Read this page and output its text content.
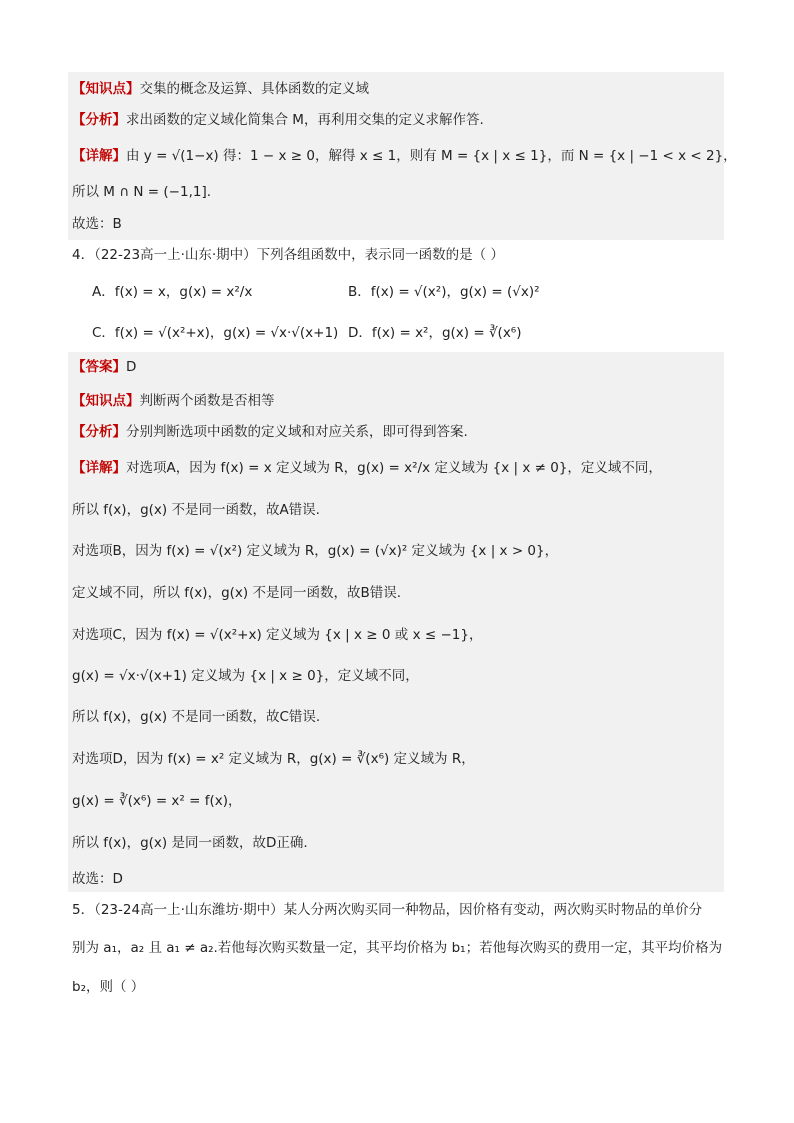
【知识点】交集的概念及运算、具体函数的定义域
【分析】求出函数的定义域化简集合 M，再利用交集的定义求解作答.
【详解】由 y = √(1−x) 得：1 − x ≥ 0，解得 x ≤ 1，则有 M = {x | x ≤ 1}，而 N = {x | −1 < x < 2}，
所以 M ∩ N = (−1,1].
故选：B
4．（22-23高一上·山东·期中）下列各组函数中，表示同一函数的是（ ）
A．f(x) = x，g(x) = x²/x	B．f(x) = √(x²)，g(x) = (√x)²
C．f(x) = √(x²+x)，g(x) = √x·√(x+1) D．f(x) = x²，g(x) = ∛(x⁶)
【答案】D
【知识点】判断两个函数是否相等
【分析】分别判断选项中函数的定义域和对应关系，即可得到答案.
【详解】对选项A，因为 f(x) = x 定义域为 R，g(x) = x²/x 定义域为 {x | x ≠ 0}，定义域不同，
所以 f(x)，g(x) 不是同一函数，故A错误.
对选项B，因为 f(x) = √(x²) 定义域为 R，g(x) = (√x)² 定义域为 {x | x > 0}，
定义域不同，所以 f(x)，g(x) 不是同一函数，故B错误.
对选项C，因为 f(x) = √(x²+x) 定义域为 {x | x ≥ 0 或 x ≤ −1}，
g(x) = √x·√(x+1) 定义域为 {x | x ≥ 0}，定义域不同，
所以 f(x)，g(x) 不是同一函数，故C错误.
对选项D，因为 f(x) = x² 定义域为 R，g(x) = ∛(x⁶) 定义域为 R，
g(x) = ∛(x⁶) = x² = f(x)，
所以 f(x)，g(x) 是同一函数，故D正确.
故选：D
5．（23-24高一上·山东潍坊·期中）某人分两次购买同一种物品，因价格有变动，两次购买时物品的单价分
别为 a₁，a₂ 且 a₁ ≠ a₂.若他每次购买数量一定，其平均价格为 b₁；若他每次购买的费用一定，其平均价格为
b₂，则（ ）
